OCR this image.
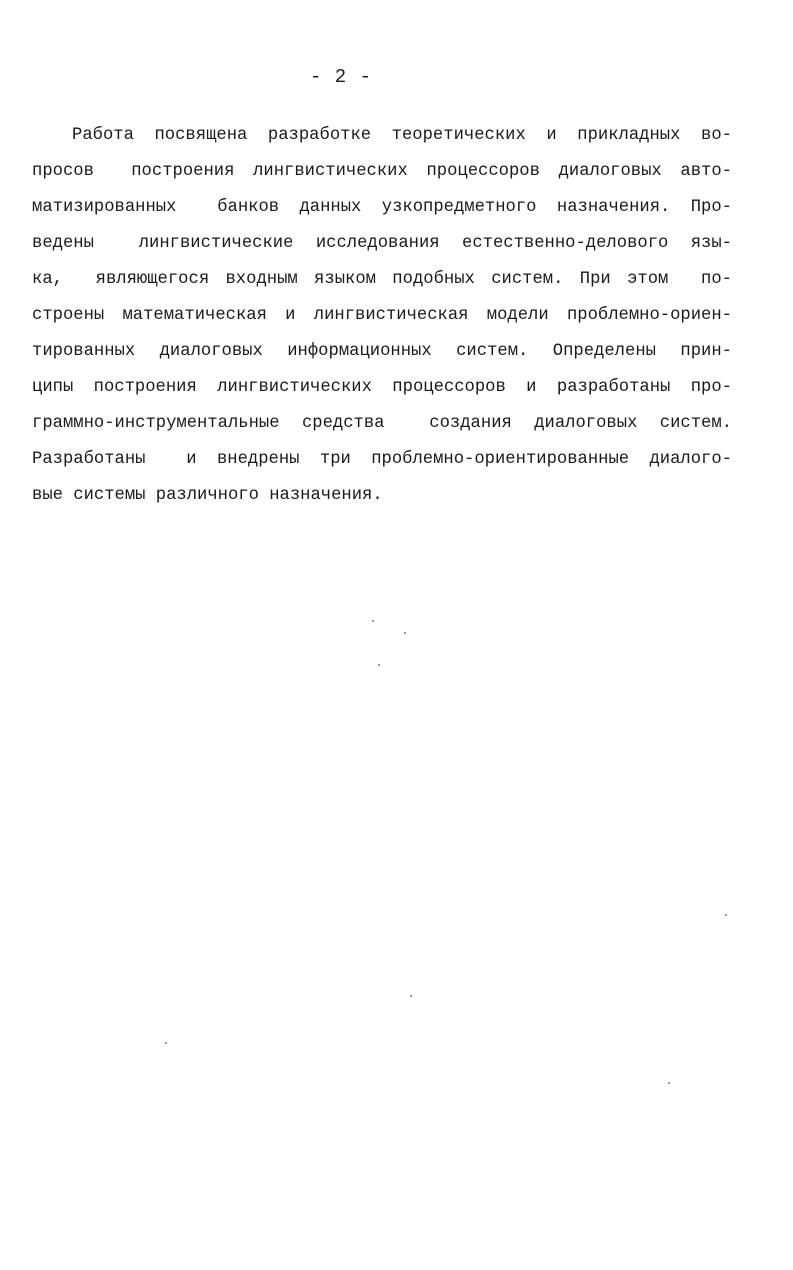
- 2 -
Работа посвящена разработке теоретических и прикладных во-
просов  построения лингвистических процессоров диалоговых авто-
матизированных  банков данных узкопредметного назначения. Про-
ведены  лингвистические исследования естественно-делового язы-
ка,  являющегося входным языком подобных систем. При этом  по-
строены математическая и лингвистическая модели проблемно-ориен-
тированных диалоговых информационных систем. Определены прин-
ципы построения лингвистических процессоров и разработаны про-
граммно-инструментальные средства  создания диалоговых систем.
Разработаны  и внедрены три проблемно-ориентированные диалого-
вые системы различного назначения.
